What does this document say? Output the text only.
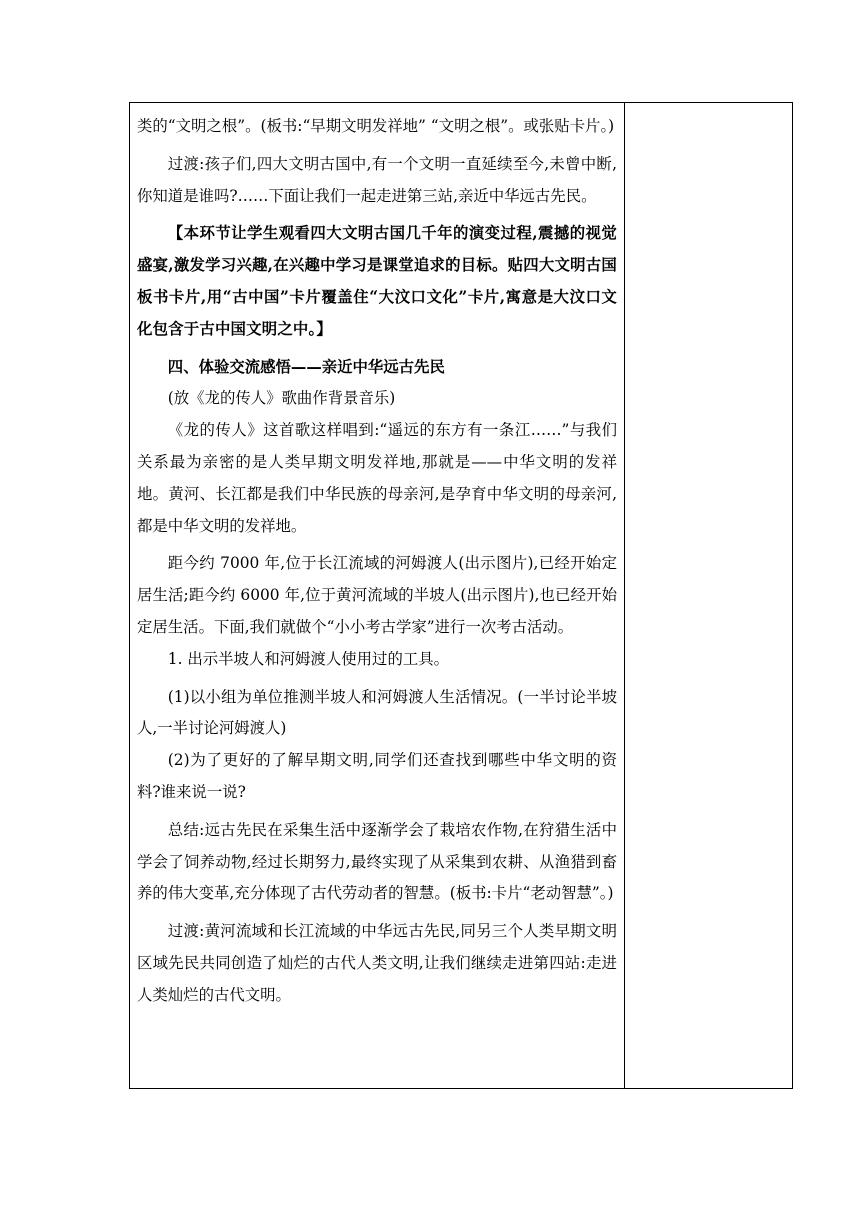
类的“文明之根”。(板书:“早期文明发祥地” “文明之根”。或张贴卡片。)

过渡:孩子们,四大文明古国中,有一个文明一直延续至今,未曾中断,你知道是谁吗?……下面让我们一起走进第三站,亲近中华远古先民。

【本环节让学生观看四大文明古国几千年的演变过程,震撼的视觉盛宴,激发学习兴趣,在兴趣中学习是课堂追求的目标。贴四大文明古国板书卡片,用“古中国”卡片覆盖住“大汶口文化”卡片,寓意是大汶口文化包含于古中国文明之中。】

四、体验交流感悟——亲近中华远古先民

(放《龙的传人》歌曲作背景音乐)

《龙的传人》这首歌这样唱到:“遥远的东方有一条江……”与我们关系最为亲密的是人类早期文明发祥地,那就是——中华文明的发祥地。黄河、长江都是我们中华民族的母亲河,是孕育中华文明的母亲河,都是中华文明的发祥地。

距今约 7000 年,位于长江流域的河姆渡人(出示图片),已经开始定居生活;距今约 6000 年,位于黄河流域的半坡人(出示图片),也已经开始定居生活。下面,我们就做个“小小考古学家”进行一次考古活动。

1. 出示半坡人和河姆渡人使用过的工具。

(1)以小组为单位推测半坡人和河姆渡人生活情况。(一半讨论半坡人,一半讨论河姆渡人)

(2)为了更好的了解早期文明,同学们还查找到哪些中华文明的资料?谁来说一说?

总结:远古先民在采集生活中逐渐学会了栽培农作物,在狩猎生活中学会了饲养动物,经过长期努力,最终实现了从采集到农耕、从渔猎到畜养的伟大变革,充分体现了古代劳动者的智慧。(板书:卡片“老动智慧”。)

过渡:黄河流域和长江流域的中华远古先民,同另三个人类早期文明区域先民共同创造了灿烂的古代人类文明,让我们继续走进第四站:走进人类灿烂的古代文明。
